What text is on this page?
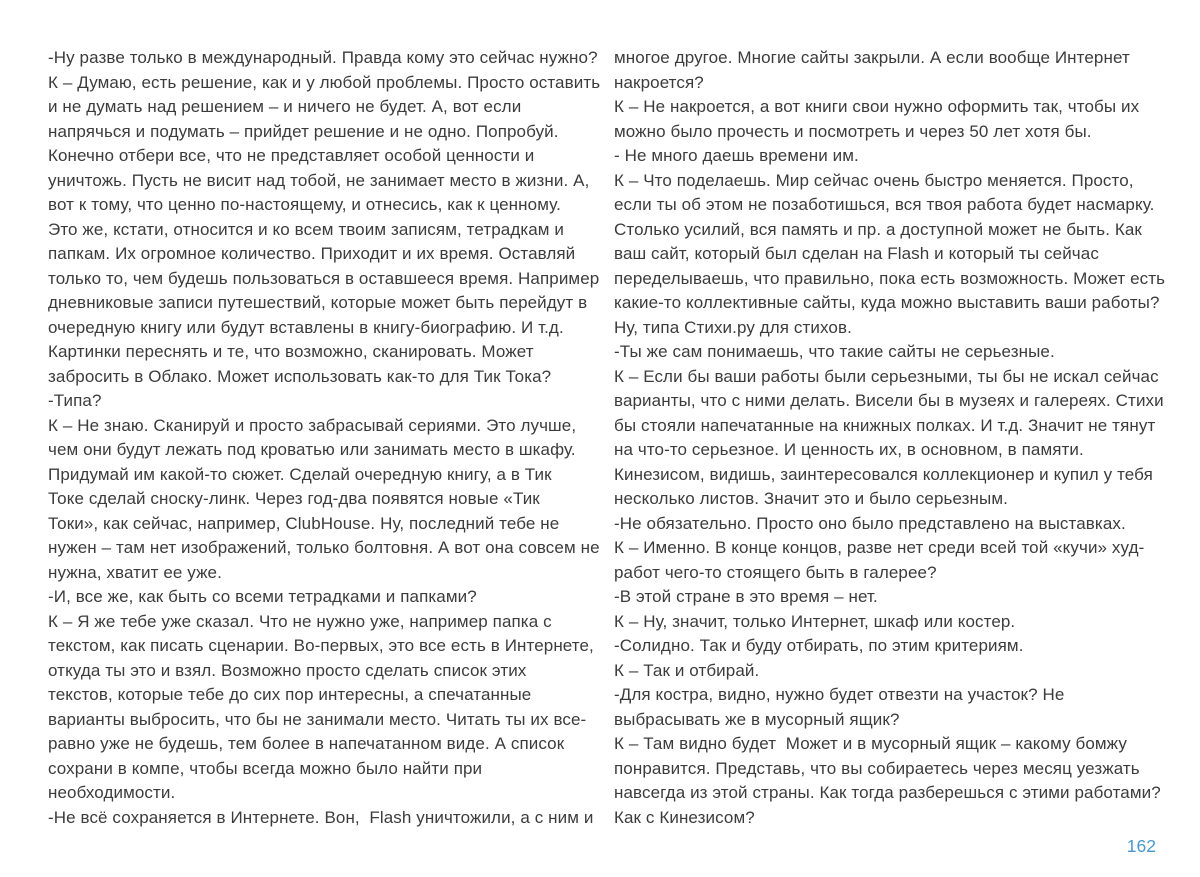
-Ну разве только в международный. Правда кому это сейчас нужно?
К – Думаю, есть решение, как и у любой проблемы. Просто оставить
и не думать над решением – и ничего не будет. А, вот если
напрячься и подумать – прийдет решение и не одно. Попробуй.
Конечно отбери все, что не представляет особой ценности и
уничтожь. Пусть не висит над тобой, не занимает место в жизни. А,
вот к тому, что ценно по-настоящему, и отнесись, как к ценному.
Это же, кстати, относится и ко всем твоим записям, тетрадкам и
папкам. Их огромное количество. Приходит и их время. Оставляй
только то, чем будешь пользоваться в оставшееся время. Например
дневниковые записи путешествий, которые может быть перейдут в
очередную книгу или будут вставлены в книгу-биографию. И т.д.
Картинки переснять и те, что возможно, сканировать. Может
забросить в Облако. Может использовать как-то для Тик Тока?
-Типа?
К – Не знаю. Сканируй и просто забрасывай сериями. Это лучше,
чем они будут лежать под кроватью или занимать место в шкафу.
Придумай им какой-то сюжет. Сделай очередную книгу, а в Тик
Токе сделай сноску-линк. Через год-два появятся новые «Тик
Токи», как сейчас, например, ClubHouse. Ну, последний тебе не
нужен – там нет изображений, только болтовня. А вот она совсем не
нужна, хватит ее уже.
-И, все же, как быть со всеми тетрадками и папками?
К – Я же тебе уже сказал. Что не нужно уже, например папка с
текстом, как писать сценарии. Во-первых, это все есть в Интернете,
откуда ты это и взял. Возможно просто сделать список этих
текстов, которые тебе до сих пор интересны, а спечатанные
варианты выбросить, что бы не занимали место. Читать ты их все-
равно уже не будешь, тем более в напечатанном виде. А список
сохрани в компе, чтобы всегда можно было найти при
необходимости.
-Не всё сохраняется в Интернете. Вон,  Flash уничтожили, а с ним и
многое другое. Многие сайты закрыли. А если вообще Интернет
накроется?
К – Не накроется, а вот книги свои нужно оформить так, чтобы их
можно было прочесть и посмотреть и через 50 лет хотя бы.
- Не много даешь времени им.
К – Что поделаешь. Мир сейчас очень быстро меняется. Просто,
если ты об этом не позаботишься, вся твоя работа будет насмарку.
Столько усилий, вся память и пр. а доступной может не быть. Как
ваш сайт, который был сделан на Flash и который ты сейчас
переделываешь, что правильно, пока есть возможность. Может есть
какие-то коллективные сайты, куда можно выставить ваши работы?
Ну, типа Стихи.ру для стихов.
-Ты же сам понимаешь, что такие сайты не серьезные.
К – Если бы ваши работы были серьезными, ты бы не искал сейчас
варианты, что с ними делать. Висели бы в музеях и галереях. Стихи
бы стояли напечатанные на книжных полках. И т.д. Значит не тянут
на что-то серьезное. И ценность их, в основном, в памяти.
Кинезисом, видишь, заинтересовался коллекционер и купил у тебя
несколько листов. Значит это и было серьезным.
-Не обязательно. Просто оно было представлено на выставках.
К – Именно. В конце концов, разве нет среди всей той «кучи» худ-
работ чего-то стоящего быть в галерее?
-В этой стране в это время – нет.
К – Ну, значит, только Интернет, шкаф или костер.
-Солидно. Так и буду отбирать, по этим критериям.
К – Так и отбирай.
-Для костра, видно, нужно будет отвезти на участок? Не
выбрасывать же в мусорный ящик?
К – Там видно будет  Может и в мусорный ящик – какому бомжу
понравится. Представь, что вы собираетесь через месяц уезжать
навсегда из этой страны. Как тогда разберешься с этими работами?
Как с Кинезисом?
162
